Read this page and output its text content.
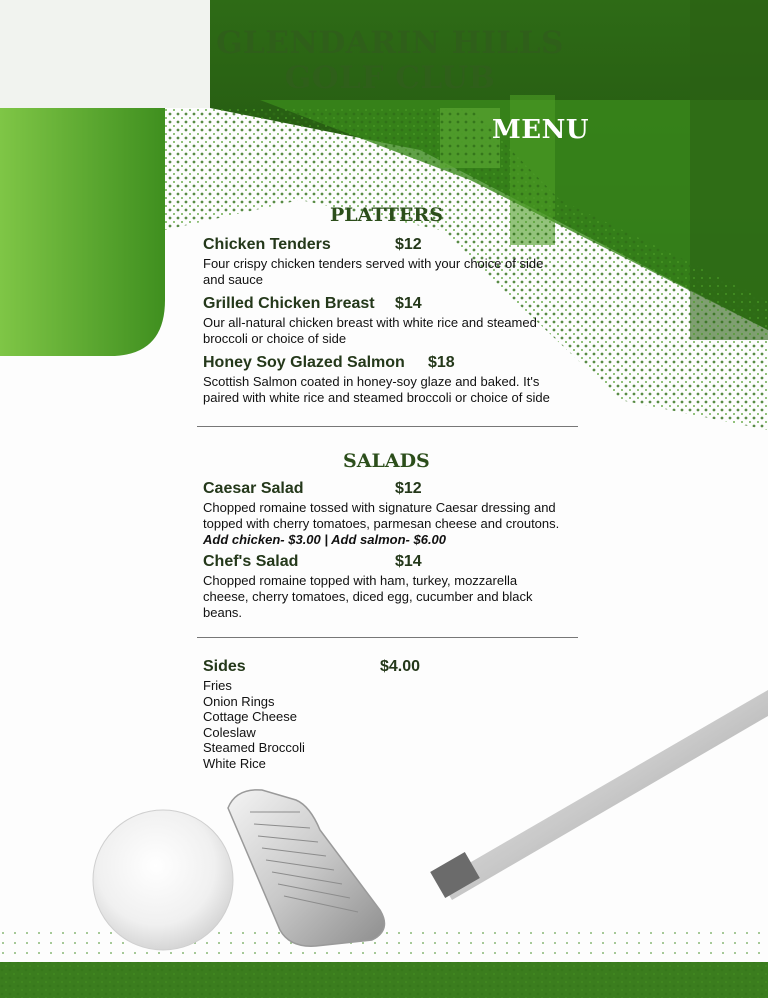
GLENDARIN HILLS
GOLF CLUB
MENU
PLATTERS
Chicken Tenders	$12
Four crispy chicken tenders served with your choice of side and sauce
Grilled Chicken Breast	$14
Our all-natural chicken breast with white rice and steamed broccoli or choice of side
Honey Soy Glazed Salmon	$18
Scottish Salmon coated in honey-soy glaze and baked. It's paired with white rice and steamed broccoli or choice of side
SALADS
Caesar Salad	$12
Chopped romaine tossed with signature Caesar dressing and topped with cherry tomatoes, parmesan cheese and croutons.
Add chicken- $3.00 | Add salmon- $6.00
Chef's Salad	$14
Chopped romaine topped with ham, turkey, mozzarella cheese, cherry tomatoes, diced egg, cucumber and black beans.
Sides	$4.00
Fries
Onion Rings
Cottage Cheese
Coleslaw
Steamed Broccoli
White Rice
